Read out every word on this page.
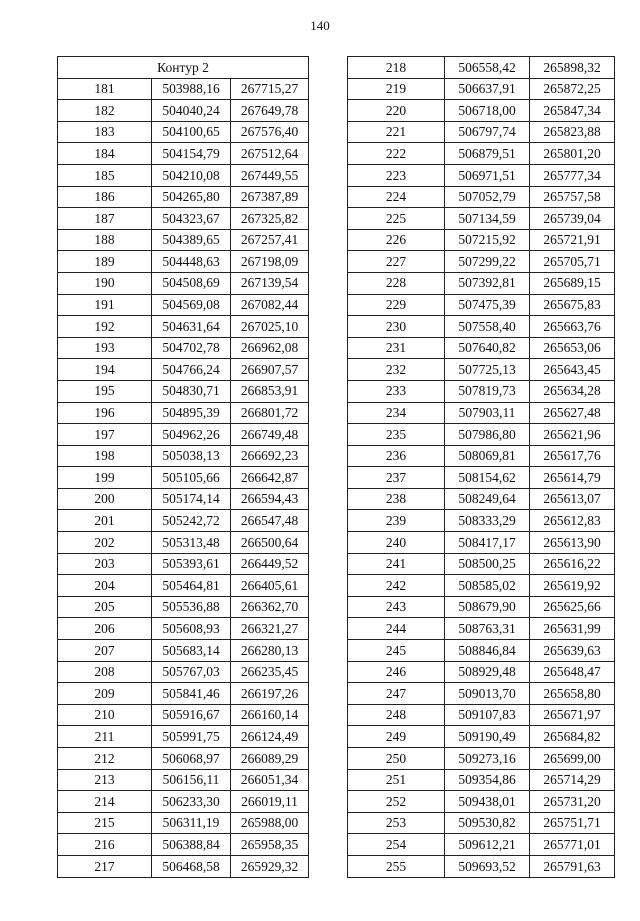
140
Контур 2		
181	503988,16	267715,27
182	504040,24	267649,78
183	504100,65	267576,40
184	504154,79	267512,64
185	504210,08	267449,55
186	504265,80	267387,89
187	504323,67	267325,82
188	504389,65	267257,41
189	504448,63	267198,09
190	504508,69	267139,54
191	504569,08	267082,44
192	504631,64	267025,10
193	504702,78	266962,08
194	504766,24	266907,57
195	504830,71	266853,91
196	504895,39	266801,72
197	504962,26	266749,48
198	505038,13	266692,23
199	505105,66	266642,87
200	505174,14	266594,43
201	505242,72	266547,48
202	505313,48	266500,64
203	505393,61	266449,52
204	505464,81	266405,61
205	505536,88	266362,70
206	505608,93	266321,27
207	505683,14	266280,13
208	505767,03	266235,45
209	505841,46	266197,26
210	505916,67	266160,14
211	505991,75	266124,49
212	506068,97	266089,29
213	506156,11	266051,34
214	506233,30	266019,11
215	506311,19	265988,00
216	506388,84	265958,35
217	506468,58	265929,32
218	506558,42	265898,32
219	506637,91	265872,25
220	506718,00	265847,34
221	506797,74	265823,88
222	506879,51	265801,20
223	506971,51	265777,34
224	507052,79	265757,58
225	507134,59	265739,04
226	507215,92	265721,91
227	507299,22	265705,71
228	507392,81	265689,15
229	507475,39	265675,83
230	507558,40	265663,76
231	507640,82	265653,06
232	507725,13	265643,45
233	507819,73	265634,28
234	507903,11	265627,48
235	507986,80	265621,96
236	508069,81	265617,76
237	508154,62	265614,79
238	508249,64	265613,07
239	508333,29	265612,83
240	508417,17	265613,90
241	508500,25	265616,22
242	508585,02	265619,92
243	508679,90	265625,66
244	508763,31	265631,99
245	508846,84	265639,63
246	508929,48	265648,47
247	509013,70	265658,80
248	509107,83	265671,97
249	509190,49	265684,82
250	509273,16	265699,00
251	509354,86	265714,29
252	509438,01	265731,20
253	509530,82	265751,71
254	509612,21	265771,01
255	509693,52	265791,63
